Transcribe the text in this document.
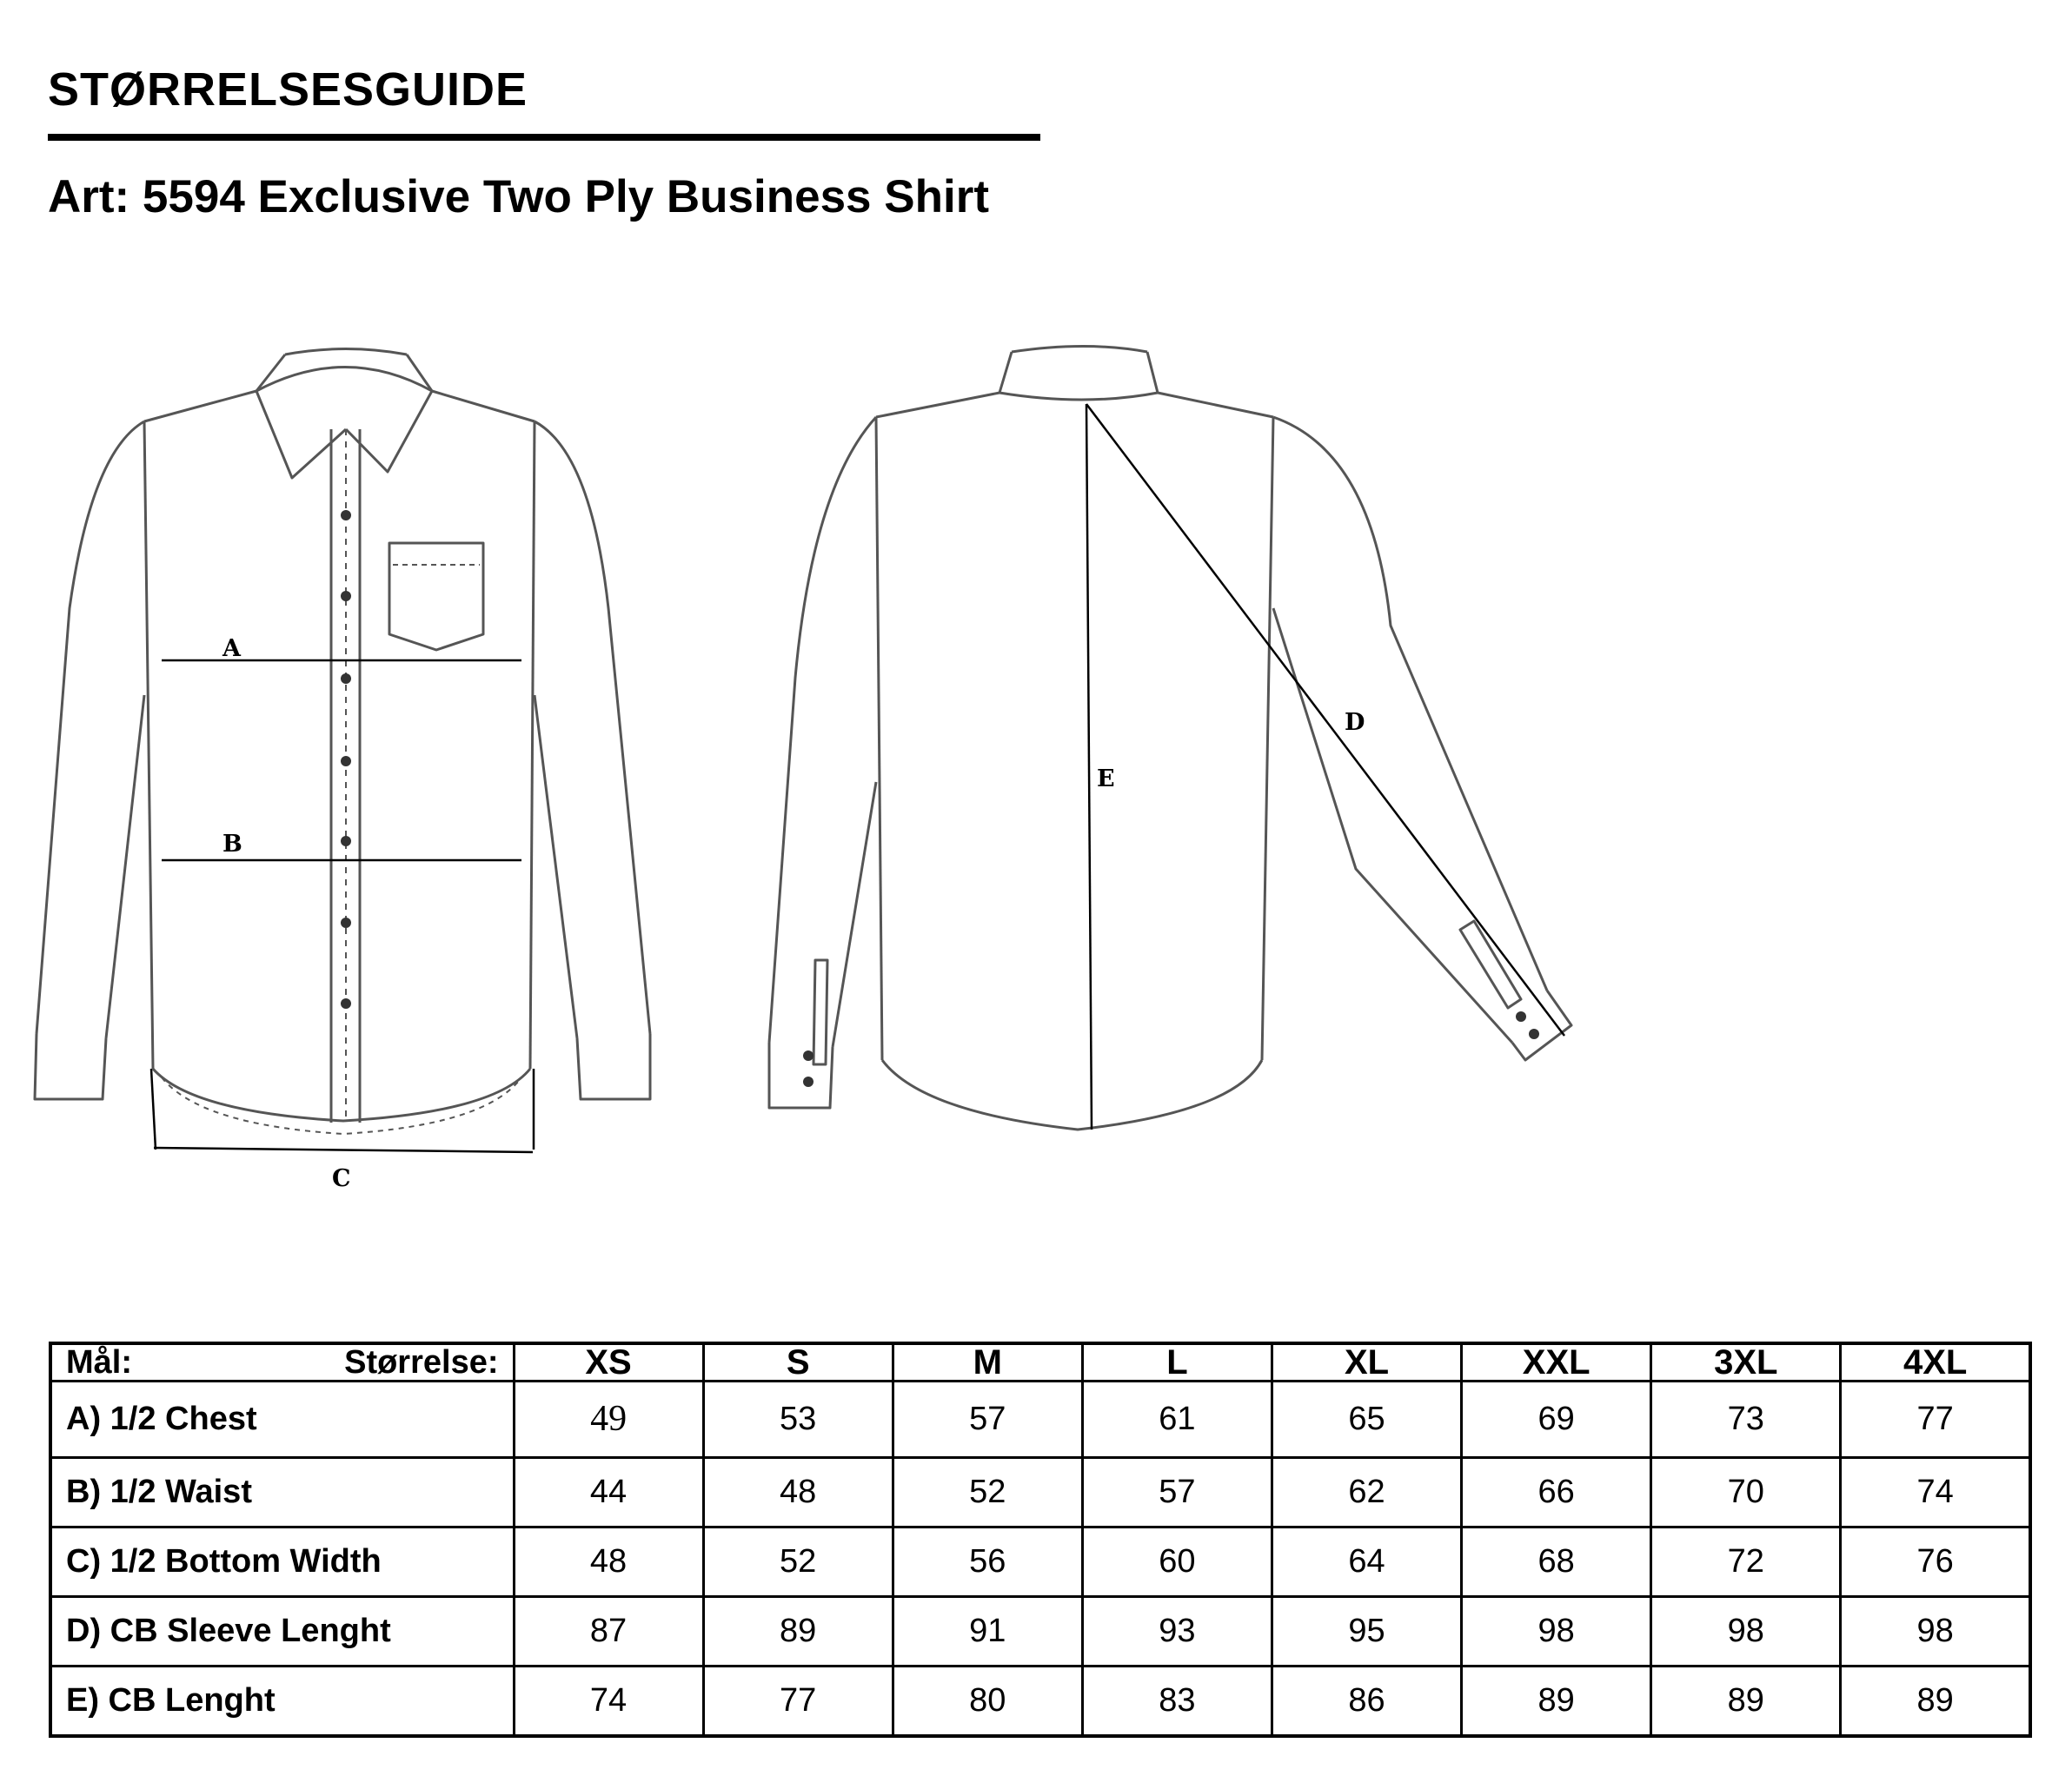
STØRRELSESGUIDE
Art: 5594 Exclusive Two Ply Business Shirt
A
B
C
E
D
Mål: Størrelse:	XS	S	M	L	XL	XXL	3XL	4XL
A) 1/2 Chest	49	53	57	61	65	69	73	77
B) 1/2 Waist	44	48	52	57	62	66	70	74
C) 1/2 Bottom Width	48	52	56	60	64	68	72	76
D) CB Sleeve Lenght	87	89	91	93	95	98	98	98
E) CB Lenght	74	77	80	83	86	89	89	89
